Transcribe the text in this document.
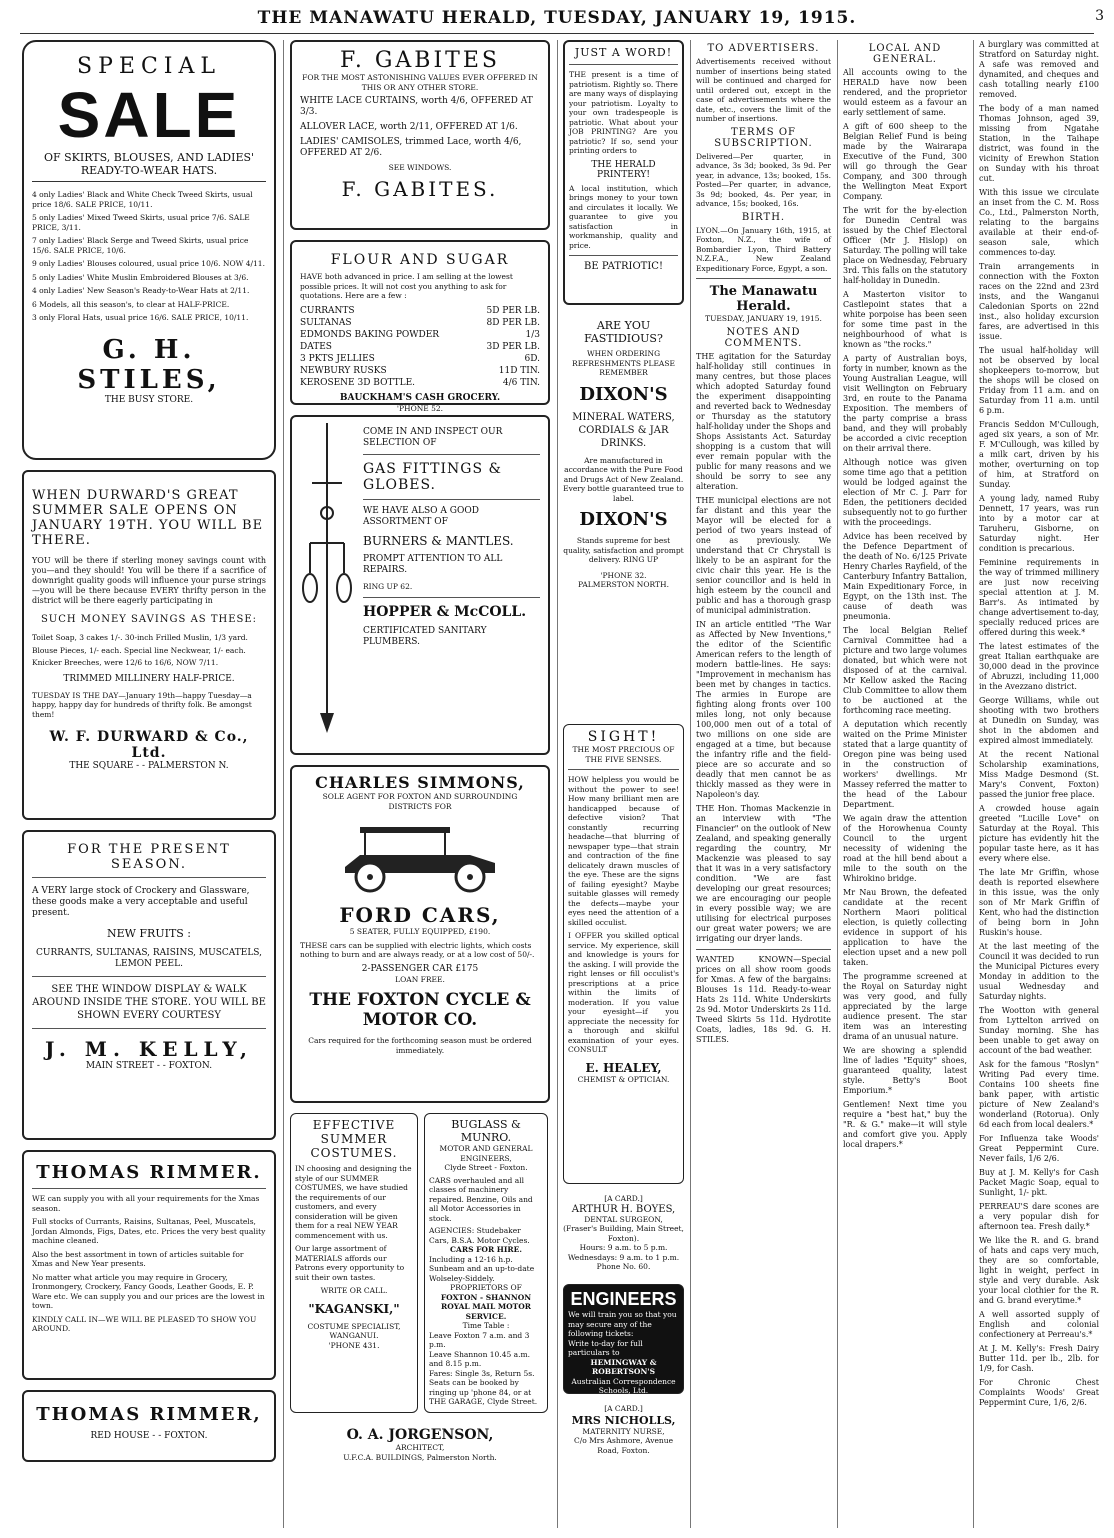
THE MANAWATU HERALD, TUESDAY, JANUARY 19, 1915.	3
SPECIAL
SALE
OF SKIRTS, BLOUSES, AND LADIES' READY-TO-WEAR HATS.
4 only Ladies' Black and White Check Tweed Skirts, usual price 18/6. SALE PRICE, 10/11.
5 only Ladies' Mixed Tweed Skirts, usual price 7/6. SALE PRICE, 3/11.
7 only Ladies' Black Serge and Tweed Skirts, usual price 15/6. SALE PRICE, 10/6.
9 only Ladies' Blouses coloured, usual price 10/6. NOW 4/11.
5 only Ladies' White Muslin Embroidered Blouses at 3/6.
4 only Ladies' New Season's Ready-to-Wear Hats at 2/11.
6 Models, all this season's, to clear at HALF-PRICE.
3 only Floral Hats, usual price 16/6. SALE PRICE, 10/11.
G. H. STILES,
THE BUSY STORE.
WHEN DURWARD'S GREAT SUMMER SALE OPENS ON JANUARY 19TH. YOU WILL BE THERE.
YOU will be there if sterling money savings count with you—and they should! You will be there if a sacrifice of downright quality goods will influence your purse strings—you will be there because EVERY thrifty person in the district will be there eagerly participating in
SUCH MONEY SAVINGS AS THESE:
Toilet Soap, 3 cakes 1/-. 30-inch Frilled Muslin, 1/3 yard.
Blouse Pieces, 1/- each. Special line Neckwear, 1/- each.
Knicker Breeches, were 12/6 to 16/6, NOW 7/11.
TRIMMED MILLINERY HALF-PRICE.
TUESDAY IS THE DAY—January 19th—happy Tuesday—a happy, happy day for hundreds of thrifty folk. Be amongst them!
W. F. DURWARD & Co., Ltd.
THE SQUARE - - PALMERSTON N.
FOR THE PRESENT SEASON.
A VERY large stock of Crockery and Glassware, these goods make a very acceptable and useful present.
NEW FRUITS :
CURRANTS, SULTANAS, RAISINS, MUSCATELS, LEMON PEEL.
SEE THE WINDOW DISPLAY & WALK AROUND INSIDE THE STORE. YOU WILL BE SHOWN EVERY COURTESY
J. M. KELLY,
MAIN STREET - - FOXTON.
THOMAS RIMMER.
WE can supply you with all your requirements for the Xmas season.
Full stocks of Currants, Raisins, Sultanas, Peel, Muscatels, Jordan Almonds, Figs, Dates, etc. Prices the very best quality machine cleaned.
Also the best assortment in town of articles suitable for Xmas and New Year presents.
No matter what article you may require in Grocery, Ironmongery, Crockery, Fancy Goods, Leather Goods, E. P. Ware etc. We can supply you and our prices are the lowest in town.
KINDLY CALL IN—WE WILL BE PLEASED TO SHOW YOU AROUND.
THOMAS RIMMER,
RED HOUSE - - FOXTON.
F. GABITES
FOR THE MOST ASTONISHING VALUES EVER OFFERED IN THIS OR ANY OTHER STORE.
WHITE LACE CURTAINS, worth 4/6, OFFERED AT 3/3.
ALLOVER LACE, worth 2/11, OFFERED AT 1/6.
LADIES' CAMISOLES, trimmed Lace, worth 4/6, OFFERED AT 2/6.
SEE WINDOWS.
F. GABITES.
FLOUR AND SUGAR
HAVE both advanced in price. I am selling at the lowest possible prices. It will not cost you anything to ask for quotations. Here are a few :
CURRANTS	5D PER LB.
SULTANAS	8D PER LB.
EDMONDS BAKING POWDER	1/3
DATES	3D PER LB.
3 PKTS JELLIES	6D.
NEWBURY RUSKS	11D TIN.
KEROSENE 3D BOTTLE.	4/6 TIN.
BAUCKHAM'S CASH GROCERY.
'PHONE 52.
COME IN AND INSPECT OUR SELECTION OF
GAS FITTINGS & GLOBES.
WE HAVE ALSO A GOOD ASSORTMENT OF
BURNERS & MANTLES.
PROMPT ATTENTION TO ALL REPAIRS.
RING UP 62.
HOPPER & McCOLL.
CERTIFICATED SANITARY PLUMBERS.
CHARLES SIMMONS,
SOLE AGENT FOR FOXTON AND SURROUNDING DISTRICTS FOR
FORD CARS,
5 SEATER, FULLY EQUIPPED, £190.
THESE cars can be supplied with electric lights, which costs nothing to burn and are always ready, or at a low cost of 50/-.
2-PASSENGER CAR £175
LOAN FREE.
THE FOXTON CYCLE & MOTOR CO.
Cars required for the forthcoming season must be ordered immediately.
EFFECTIVE SUMMER COSTUMES.
IN choosing and designing the style of our SUMMER COSTUMES, we have studied the requirements of our customers, and every consideration will be given them for a real NEW YEAR commencement with us.
Our large assortment of MATERIALS affords our Patrons every opportunity to suit their own tastes.
WRITE OR CALL.
"KAGANSKI,"
COSTUME SPECIALIST, WANGANUI.
'PHONE 431.
BUGLASS & MUNRO.
MOTOR AND GENERAL ENGINEERS,
Clyde Street - Foxton.
CARS overhauled and all classes of machinery repaired. Benzine, Oils and all Motor Accessories in stock.
AGENCIES: Studebaker Cars, B.S.A. Motor Cycles.
CARS FOR HIRE.
Including a 12-16 h.p. Sunbeam and an up-to-date Wolseley-Siddely.
PROPRIETORS OF
FOXTON - SHANNON ROYAL MAIL MOTOR SERVICE.
Time Table :
Leave Foxton 7 a.m. and 3 p.m.
Leave Shannon 10.45 a.m. and 8.15 p.m.
Fares: Single 3s, Return 5s. Seats can be booked by ringing up 'phone 84, or at THE GARAGE, Clyde Street.
O. A. JORGENSON,
ARCHITECT,
U.F.C.A. BUILDINGS, Palmerston North.
JUST A WORD!
THE present is a time of patriotism. Rightly so. There are many ways of displaying your patriotism. Loyalty to your own tradespeople is patriotic. What about your JOB PRINTING? Are you patriotic? If so, send your printing orders to
THE HERALD PRINTERY!
A local institution, which brings money to your town and circulates it locally. We guarantee to give you satisfaction in workmanship, quality and price.
BE PATRIOTIC!
ARE YOU FASTIDIOUS?
WHEN ORDERING REFRESHMENTS PLEASE REMEMBER
DIXON'S
MINERAL WATERS, CORDIALS & JAR DRINKS.
Are manufactured in accordance with the Pure Food and Drugs Act of New Zealand. Every bottle guaranteed true to label.
DIXON'S
Stands supreme for best quality, satisfaction and prompt delivery. RING UP
'PHONE 32.
PALMERSTON NORTH.
SIGHT!
THE MOST PRECIOUS OF THE FIVE SENSES.
HOW helpless you would be without the power to see! How many brilliant men are handicapped because of defective vision? That constantly recurring headache—that blurring of newspaper type—that strain and contraction of the fine delicately drawn muscles of the eye. These are the signs of failing eyesight? Maybe suitable glasses will remedy the defects—maybe your eyes need the attention of a skilled occulist.
I OFFER you skilled optical service. My experience, skill and knowledge is yours for the asking. I will provide the right lenses or fill occulist's prescriptions at a price within the limits of moderation. If you value your eyesight—if you appreciate the necessity for a thorough and skilful examination of your eyes. CONSULT
E. HEALEY,
CHEMIST & OPTICIAN.
[A CARD.]
ARTHUR H. BOYES,
DENTAL SURGEON,
(Fraser's Building, Main Street, Foxton).
Hours: 9 a.m. to 5 p.m. Wednesdays: 9 a.m. to 1 p.m.
Phone No. 60.
ENGINEERS
We will train you so that you may secure any of the following tickets:
Write to-day for full particulars to
HEMINGWAY & ROBERTSON'S
Australian Correspondence Schools, Ltd.
AUCKLAND
[A CARD.]
MRS NICHOLLS,
MATERNITY NURSE,
C/o Mrs Ashmore, Avenue Road, Foxton.
TO ADVERTISERS.
Advertisements received without number of insertions being stated will be continued and charged for until ordered out, except in the case of advertisements where the date, etc., covers the limit of the number of insertions.
TERMS OF SUBSCRIPTION.
Delivered—Per quarter, in advance, 3s 3d; booked, 3s 9d. Per year, in advance, 13s; booked, 15s. Posted—Per quarter, in advance, 3s 9d; booked, 4s. Per year, in advance, 15s; booked, 16s.
BIRTH.
LYON.—On January 16th, 1915, at Foxton, N.Z., the wife of Bombardier Lyon, Third Battery N.Z.F.A., New Zealand Expeditionary Force, Egypt, a son.
The Manawatu Herald.
TUESDAY, JANUARY 19, 1915.
NOTES AND COMMENTS.
THE agitation for the Saturday half-holiday still continues in many centres, but those places which adopted Saturday found the experiment disappointing and reverted back to Wednesday or Thursday as the statutory half-holiday under the Shops and Shops Assistants Act. Saturday shopping is a custom that will ever remain popular with the public for many reasons and we should be sorry to see any alteration.
THE municipal elections are not far distant and this year the Mayor will be elected for a period of two years instead of one as previously. We understand that Cr Chrystall is likely to be an aspirant for the civic chair this year. He is the senior councillor and is held in high esteem by the council and public and has a thorough grasp of municipal administration.
IN an article entitled "The War as Affected by New Inventions," the editor of the Scientific American refers to the length of modern battle-lines. He says: "Improvement in mechanism has been met by changes in tactics. The armies in Europe are fighting along fronts over 100 miles long, not only because 100,000 men out of a total of two millions on one side are engaged at a time, but because the infantry rifle and the field-piece are so accurate and so deadly that men cannot be as thickly massed as they were in Napoleon's day.
THE Hon. Thomas Mackenzie in an interview with "The Financier" on the outlook of New Zealand, and speaking generally regarding the country, Mr Mackenzie was pleased to say that it was in a very satisfactory condition. "We are fast developing our great resources; we are encouraging our people in every possible way; we are utilising for electrical purposes our great water powers; we are irrigating our dryer lands.
WANTED KNOWN—Special prices on all show room goods for Xmas. A few of the bargains: Blouses 1s 11d. Ready-to-wear Hats 2s 11d. White Underskirts 2s 9d. Motor Underskirts 2s 11d. Tweed Skirts 5s 11d. Hydrotite Coats, ladies, 18s 9d. G. H. STILES.
LOCAL AND GENERAL.
All accounts owing to the HERALD have now been rendered, and the proprietor would esteem as a favour an early settlement of same.
A gift of 600 sheep to the Belgian Relief Fund is being made by the Wairarapa Executive of the Fund, 300 will go through the Gear Company, and 300 through the Wellington Meat Export Company.
The writ for the by-election for Dunedin Central was issued by the Chief Electoral Officer (Mr J. Hislop) on Saturday. The polling will take place on Wednesday, February 3rd. This falls on the statutory half-holiday in Dunedin.
A Masterton visitor to Castlepoint states that a white porpoise has been seen for some time past in the neighbourhood of what is known as "the rocks."
A party of Australian boys, forty in number, known as the Young Australian League, will visit Wellington on February 3rd, en route to the Panama Exposition. The members of the party comprise a brass band, and they will probably be accorded a civic reception on their arrival there.
Although notice was given some time ago that a petition would be lodged against the election of Mr C. J. Parr for Eden, the petitioners decided subsequently not to go further with the proceedings.
Advice has been received by the Defence Department of the death of No. 6/125 Private Henry Charles Rayfield, of the Canterbury Infantry Battalion, Main Expeditionary Force, in Egypt, on the 13th inst. The cause of death was pneumonia.
The local Belgian Relief Carnival Committee had a picture and two large volumes donated, but which were not disposed of at the carnival. Mr Kellow asked the Racing Club Committee to allow them to be auctioned at the forthcoming race meeting.
A deputation which recently waited on the Prime Minister stated that a large quantity of Oregon pine was being used in the construction of workers' dwellings. Mr Massey referred the matter to the head of the Labour Department.
We again draw the attention of the Horowhenua County Council to the urgent necessity of widening the road at the hill bend about a mile to the south on the Whirokino bridge.
Mr Nau Brown, the defeated candidate at the recent Northern Maori political election, is quietly collecting evidence in support of his application to have the election upset and a new poll taken.
The programme screened at the Royal on Saturday night was very good, and fully appreciated by the large audience present. The star item was an interesting drama of an unusual nature.
We are showing a splendid line of ladies "Equity" shoes, guaranteed quality, latest style. Betty's Boot Emporium.*
Gentlemen! Next time you require a "best hat," buy the "R. & G." make—it will style and comfort give you. Apply local drapers.*
A burglary was committed at Stratford on Saturday night. A safe was removed and dynamited, and cheques and cash totalling nearly £100 removed.
The body of a man named Thomas Johnson, aged 39, missing from Ngatahe Station, in the Taihape district, was found in the vicinity of Erewhon Station on Sunday with his throat cut.
With this issue we circulate an inset from the C. M. Ross Co., Ltd., Palmerston North, relating to the bargains available at their end-of-season sale, which commences to-day.
Train arrangements in connection with the Foxton races on the 22nd and 23rd insts, and the Wanganui Caledonian Sports on 22nd inst., also holiday excursion fares, are advertised in this issue.
The usual half-holiday will not be observed by local shopkeepers to-morrow, but the shops will be closed on Friday from 11 a.m. and on Saturday from 11 a.m. until 6 p.m.
Francis Seddon M'Cullough, aged six years, a son of Mr. F. M'Cullough, was killed by a milk cart, driven by his mother, overturning on top of him, at Stratford on Sunday.
A young lady, named Ruby Dennett, 17 years, was run into by a motor car at Taruheru, Gisborne, on Saturday night. Her condition is precarious.
Feminine requirements in the way of trimmed millinery are just now receiving special attention at J. M. Barr's. As intimated by change advertisement to-day, specially reduced prices are offered during this week.*
The latest estimates of the great Italian earthquake are 30,000 dead in the province of Abruzzi, including 11,000 in the Avezzano district.
George Williams, while out shooting with two brothers at Dunedin on Sunday, was shot in the abdomen and expired almost immediately.
At the recent National Scholarship examinations, Miss Madge Desmond (St. Mary's Convent, Foxton) passed the junior free place.
A crowded house again greeted "Lucille Love" on Saturday at the Royal. This picture has evidently hit the popular taste here, as it has every where else.
The late Mr Griffin, whose death is reported elsewhere in this issue, was the only son of Mr Mark Griffin of Kent, who had the distinction of being born in John Ruskin's house.
At the last meeting of the Council it was decided to run the Municipal Pictures every Monday in addition to the usual Wednesday and Saturday nights.
The Wootton with general from Lyttelton arrived on Sunday morning. She has been unable to get away on account of the bad weather.
Ask for the famous "Roslyn" Writing Pad every time. Contains 100 sheets fine bank paper, with artistic picture of New Zealand's wonderland (Rotorua). Only 6d each from local dealers.*
For Influenza take Woods' Great Peppermint Cure. Never fails, 1/6 2/6.
Buy at J. M. Kelly's for Cash Packet Magic Soap, equal to Sunlight, 1/- pkt.
PERREAU'S dare scones are a very popular dish for afternoon tea. Fresh daily.*
We like the R. and G. brand of hats and caps very much, they are so comfortable, light in weight, perfect in style and very durable. Ask your local clothier for the R. and G. brand everytime.*
A well assorted supply of English and colonial confectionery at Perreau's.*
At J. M. Kelly's: Fresh Dairy Butter 11d. per lb., 2lb. for 1/9, for Cash.
For Chronic Chest Complaints Woods' Great Peppermint Cure, 1/6, 2/6.
